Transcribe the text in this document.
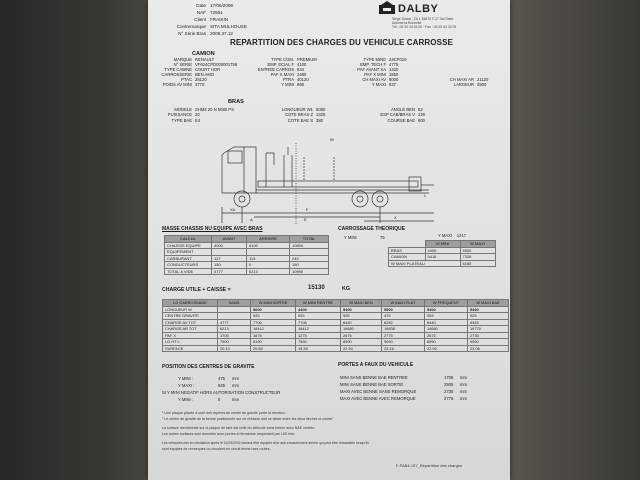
Date 17/06/2008
NAF 72551
Client FRAIKIN
Contremarque SITA MULHOUSE
N° Série Bras 2008.37.12
DALBY
Siège Social : ZA 1 84670 F-27 Val Saint Antoine la Rochelle
Tél : 06 20 44 33 00 · Fax : 03 20 44 33 09
REPARTITION DES CHARGES DU VEHICULE CARROSSE
CAMION
MARQUE RENAULT
N° SERIE VF624CPD000001756
TYPE CABINE COURT HOR
CARROSSERIE BEN AMO
PTAC 26120
POIDS AV MINI 3770
TYPE COM. PREMIUM
EMP. ECIAL F 4100
ENTREE CARROS 834
PAF X MAXI 2480
PTRA 40120
Y MINI 668
TYPE MINE 24CP010
EMP. TECH F 4775
PAF AVANT XA 1420
PAF X MINI 1850
CH MAXI AV 8000
Y MAXI 937

CH MAXI AR 21120
LARGEUR 2500
BRAS
MODELE SHM3 20 N 5080 PS
PUISSANCE 20
TYPE BAE E4
LONGUEUR W1 5080
COTE BRAS Z 1325
COTE BAE S 380
ANGLE BEN 52
ESP CAB/BRAS V 226
COURSE BAE 800
W
XA	F
E	X
L
A
MASSE CHASSIS NU EQUIPE AVEC BRAS
CALCUL	AVANT	ARRIERE	TOTAL
CHASSIS EQUIPE	4000	6100	10600
EQUIPEMENT			
CARBURANT	127	113	240
CONDUCTEURS	150	0	150
TOTAL A VIDE	4777	6213	10990
CARROSSAGE THEORIQUE
Y MINI	75	Y MAXI 1217
	W MINI	W MAXI
BRAS	4400	5500
CAMION	5418	7326
W MAXI PLATEAU		6185
CHARGE UTILE + CAISSE =	15130	KG
LG CARROSSAGE	SANS	W MINI SORTIE	W MINI RENTRE	W MAXI BEN	W MAXI PLAT	W FREQUENT	W MAXI BAE
LONGUEUR W		5600	4400	5400	5500	5400	5460
CENTRE GRAVITE		925	925	925	475	925	925
CHARGE AV TOT	4777	7706	7706	6440	6282	6440	6345
CHARGE AR TOT	6213	18412	18412	19680	19838	19680	19775
PAF X	1705	1875	1275	2675	2775	2675	2735
LG HT L	7900	8190	7590	8990	9090	8990	9050
SURFACE	20.10	20.85	19.35	22.90	23.16	22.90	23.06
POSITION DES CENTRES DE GRAVITE
Y MINI :	475 mm
Y MAXI :	925 mm
SI Y MINI NEGATIF HORS AUTORISATION CONSTRUCTEUR
Y MINI :	0	mm
PORTES A FAUX DU VEHICULE
MINI SANS BENNE BAE RENTREE	1705 mm
MINI SANS BENNE BAE SORTIE	2505 mm
MAXI AVEC BENNE SANS REMORQUE	2735 mm
MAXI AVEC BENNE AVEC REMORQUE	2775 mm
* Une plaque placée à coté des repères de centre de gravité porte la mention :
" Le centre de gravité de la benne positionnée sur ce véhicule doit se situer entre les deux flèches ci-contre"
La surface mentionnée sur la plaque de tare est celle du véhicule sans benne avec BAE rentrée.
Les autres surfaces sont données avec portes et fermeture respectant par 120 mm.
Les véhicules mis en circulation après le 31/03/2002 doivent être équipés d'un anti-encastrement arrière qui peut être rétractable lorsqu'ils
sont équipés de remorques ou circulent en circuit fermé hors routes.
F-FAB4-157_Répartition des charges
